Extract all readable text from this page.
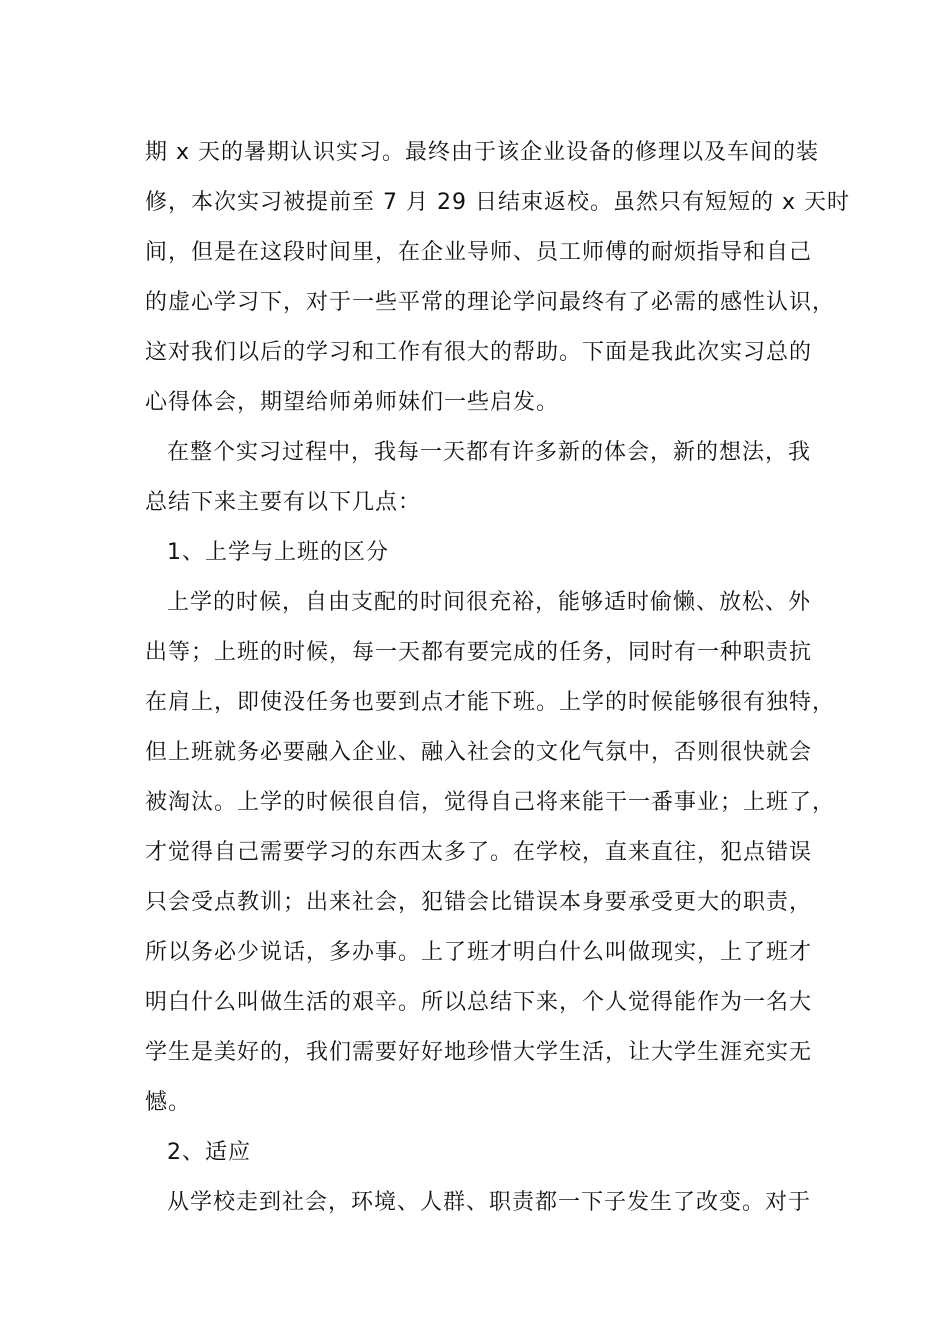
期 x 天的暑期认识实习。最终由于该企业设备的修理以及车间的装
修，本次实习被提前至 7 月 29 日结束返校。虽然只有短短的 x 天时
间，但是在这段时间里，在企业导师、员工师傅的耐烦指导和自己
的虚心学习下，对于一些平常的理论学问最终有了必需的感性认识，
这对我们以后的学习和工作有很大的帮助。下面是我此次实习总的
心得体会，期望给师弟师妹们一些启发。
在整个实习过程中，我每一天都有许多新的体会，新的想法，我
总结下来主要有以下几点：
1、上学与上班的区分
上学的时候，自由支配的时间很充裕，能够适时偷懒、放松、外
出等；上班的时候，每一天都有要完成的任务，同时有一种职责抗
在肩上，即使没任务也要到点才能下班。上学的时候能够很有独特，
但上班就务必要融入企业、融入社会的文化气氛中，否则很快就会
被淘汰。上学的时候很自信，觉得自己将来能干一番事业；上班了，
才觉得自己需要学习的东西太多了。在学校，直来直往，犯点错误
只会受点教训；出来社会，犯错会比错误本身要承受更大的职责，
所以务必少说话，多办事。上了班才明白什么叫做现实，上了班才
明白什么叫做生活的艰辛。所以总结下来，个人觉得能作为一名大
学生是美好的，我们需要好好地珍惜大学生活，让大学生涯充实无
憾。
2、适应
从学校走到社会，环境、人群、职责都一下子发生了改变。对于
